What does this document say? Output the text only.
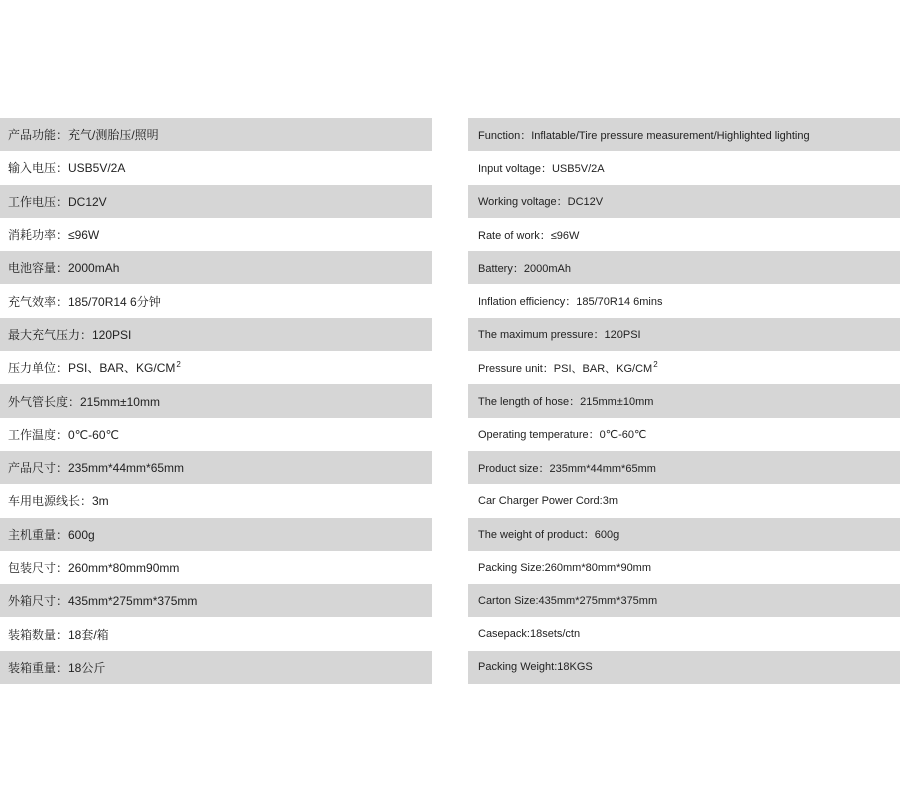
产品功能：充气/测胎压/照明
输入电压：USB5V/2A
工作电压：DC12V
消耗功率：≤96W
电池容量：2000mAh
充气效率：185/70R14 6分钟
最大充气压力：120PSI
压力单位：PSI、BAR、$KG/CM^2$
外气管长度：215mm±10mm
工作温度：0℃-60℃
产品尺寸：235mm*44mm*65mm
车用电源线长：3m
主机重量：600g
包装尺寸：260mm*80mm90mm
外箱尺寸：435mm*275mm*375mm
装箱数量：18套/箱
装箱重量：18公斤
Function：Inflatable/Tire pressure measurement/Highlighted lighting
Input voltage：USB5V/2A
Working voltage：DC12V
Rate of work：≤96W
Battery：2000mAh
Inflation efficiency：185/70R14 6mins
The maximum pressure：120PSI
Pressure unit：PSI、BAR、$KG/CM^2$
The length of hose：215mm±10mm
Operating temperature：0℃-60℃
Product size：235mm*44mm*65mm
Car Charger Power Cord:3m
The weight of product：600g
Packing Size:260mm*80mm*90mm
Carton Size:435mm*275mm*375mm
Casepack:18sets/ctn
Packing Weight:18KGS
